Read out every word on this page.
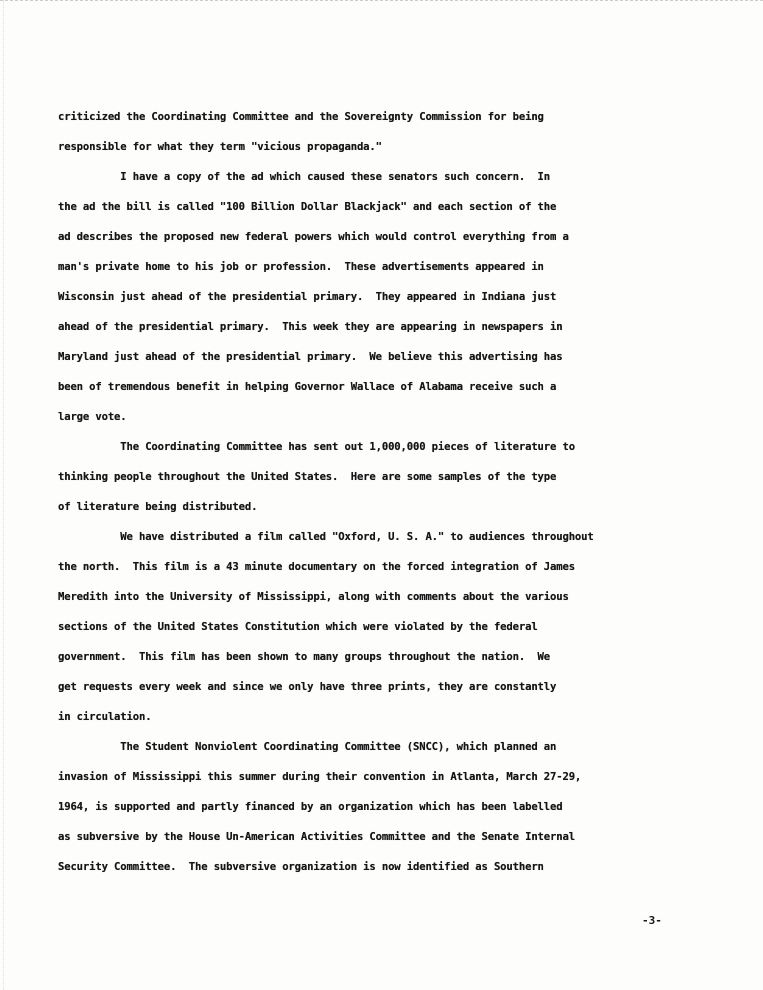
criticized the Coordinating Committee and the Sovereignty Commission for being
responsible for what they term "vicious propaganda."

I have a copy of the ad which caused these senators such concern.  In
the ad the bill is called "100 Billion Dollar Blackjack" and each section of the
ad describes the proposed new federal powers which would control everything from a
man's private home to his job or profession.  These advertisements appeared in
Wisconsin just ahead of the presidential primary.  They appeared in Indiana just
ahead of the presidential primary.  This week they are appearing in newspapers in
Maryland just ahead of the presidential primary.  We believe this advertising has
been of tremendous benefit in helping Governor Wallace of Alabama receive such a
large vote.

The Coordinating Committee has sent out 1,000,000 pieces of literature to
thinking people throughout the United States.  Here are some samples of the type
of literature being distributed.

We have distributed a film called "Oxford, U. S. A." to audiences throughout
the north.  This film is a 43 minute documentary on the forced integration of James
Meredith into the University of Mississippi, along with comments about the various
sections of the United States Constitution which were violated by the federal
government.  This film has been shown to many groups throughout the nation.  We
get requests every week and since we only have three prints, they are constantly
in circulation.

The Student Nonviolent Coordinating Committee (SNCC), which planned an
invasion of Mississippi this summer during their convention in Atlanta, March 27-29,
1964, is supported and partly financed by an organization which has been labelled
as subversive by the House Un-American Activities Committee and the Senate Internal
Security Committee.  The subversive organization is now identified as Southern

-3-
